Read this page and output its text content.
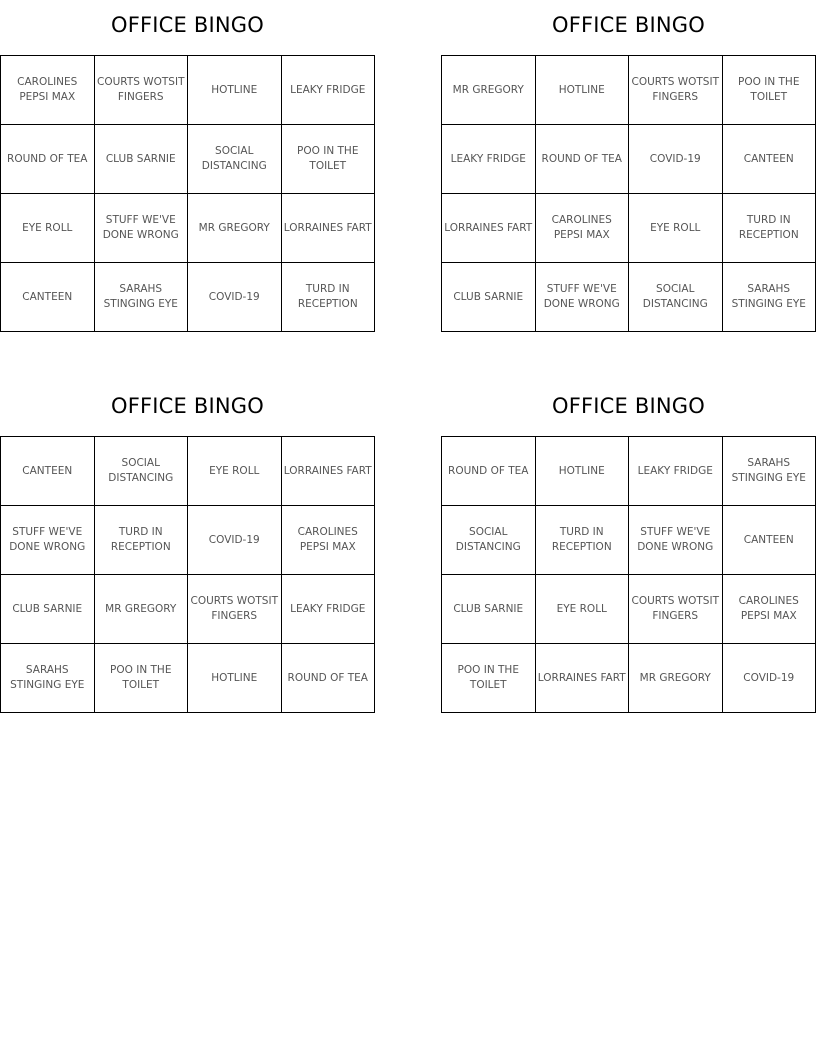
OFFICE BINGO
CAROLINES PEPSI MAX	COURTS WOTSIT FINGERS	HOTLINE	LEAKY FRIDGE
ROUND OF TEA	CLUB SARNIE	SOCIAL DISTANCING	POO IN THE TOILET
EYE ROLL	STUFF WE'VE DONE WRONG	MR GREGORY	LORRAINES FART
CANTEEN	SARAHS STINGING EYE	COVID-19	TURD IN RECEPTION
OFFICE BINGO
MR GREGORY	HOTLINE	COURTS WOTSIT FINGERS	POO IN THE TOILET
LEAKY FRIDGE	ROUND OF TEA	COVID-19	CANTEEN
LORRAINES FART	CAROLINES PEPSI MAX	EYE ROLL	TURD IN RECEPTION
CLUB SARNIE	STUFF WE'VE DONE WRONG	SOCIAL DISTANCING	SARAHS STINGING EYE
OFFICE BINGO
CANTEEN	SOCIAL DISTANCING	EYE ROLL	LORRAINES FART
STUFF WE'VE DONE WRONG	TURD IN RECEPTION	COVID-19	CAROLINES PEPSI MAX
CLUB SARNIE	MR GREGORY	COURTS WOTSIT FINGERS	LEAKY FRIDGE
SARAHS STINGING EYE	POO IN THE TOILET	HOTLINE	ROUND OF TEA
OFFICE BINGO
ROUND OF TEA	HOTLINE	LEAKY FRIDGE	SARAHS STINGING EYE
SOCIAL DISTANCING	TURD IN RECEPTION	STUFF WE'VE DONE WRONG	CANTEEN
CLUB SARNIE	EYE ROLL	COURTS WOTSIT FINGERS	CAROLINES PEPSI MAX
POO IN THE TOILET	LORRAINES FART	MR GREGORY	COVID-19
